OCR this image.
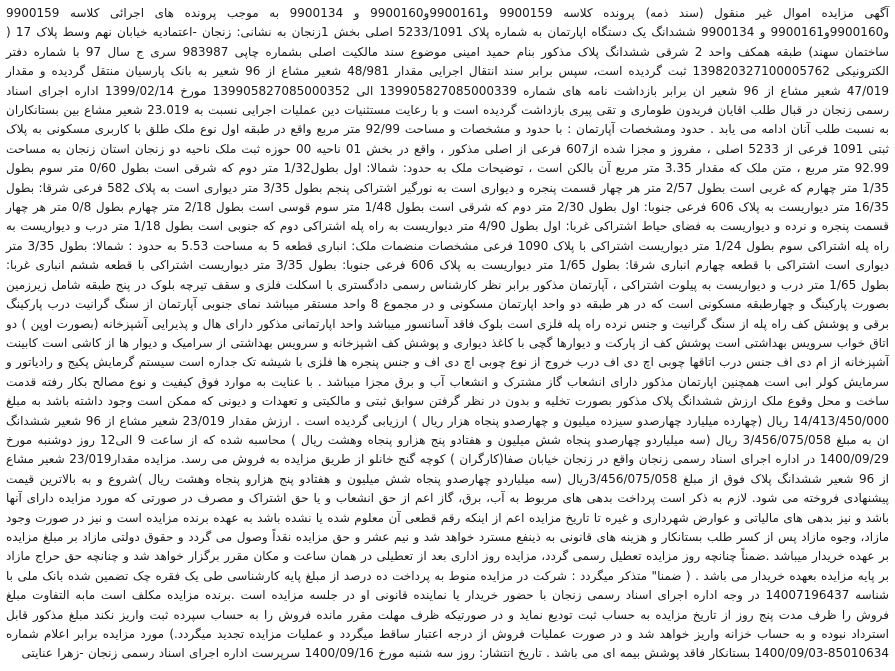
آگهی مزایده اموال غیر منقول (سند ذمه) پرونده کلاسه 9900159 و9900161و9900160 و 9900134 به موجب پرونده های اجرائی کلاسه 9900159 و9900160و9900161 و 9900134 ششدانگ یک دستگاه اپارتمان به شماره پلاک 5233/1091 اصلی بخش 1زنجان به نشانی: زنجان -اعتمادیه خیابان نهم وسط پلاک 17 ( ساختمان سهند) طبقه همکف واحد 2 شرقی ششدانگ پلاک مذکور بنام حمید امینی موضوع سند مالکیت اصلی بشماره چاپی 983987 سری ج سال 97 با شماره دفتر الکترونیکی 139820327100005762 ثبت گردیده است، سپس برابر سند انتقال اجرایی مقدار 48/981 شعیر مشاع از 96 شعیر به بانک پارسیان منتقل گردیده و مقدار 47/019 شعیر مشاع از 96 شعیر ان برابر بازداشت نامه های شماره 139905827085000339 الی 139905827085000352 مورخ 1399/02/14 اداره اجرای اسناد رسمی زنجان در قبال طلب اقایان فریدون طوماری و تقی پیری بازداشت گردیده است و با رعایت مستثنیات دین عملیات اجرایی نسبت به 23.019 شعیر مشاع بین بستانکاران به نسبت طلب آنان ادامه می یابد . حدود ومشخصات آپارتمان : با حدود و مشخصات و مساحت 92/99 متر مربع واقع در طبقه اول نوع ملک طلق با کاربری مسکونی به پلاک ثبتی 1091 فرعی از 5233 اصلی ، مفروز و مجزا شده از607 فرعی از اصلی مذکور ، واقع در بخش 01 ناحیه 00 حوزه ثبت ملک ناحیه دو زنجان استان زنجان به مساحت 92.99 متر مربع ، متن ملک که مقدار 3.35 متر مربع آن بالکن است ، توضیحات ملک به حدود: شمالا: اول بطول1/32 متر دوم که شرقی است بطول 0/60 متر سوم بطول 1/35 متر چهارم که غربی است بطول 2/57 متر هر چهار قسمت پنجره و دیواری است به نورگیر اشتراکی پنجم بطول 3/35 متر دیواری است به پلاک 582 فرعی شرقا: بطول 16/35 متر دیواریست به پلاک 606 فرعی جنوبا: اول بطول 2/30 متر دوم که شرقی است بطول 1/48 متر سوم قوسی است بطول 2/18 متر چهارم بطول 0/8 متر هر چهار قسمت پنجره و نرده و دیواریست به فضای حیاط اشتراکی غربا: اول بطول 4/90 متر دیواریست به راه پله اشتراکی دوم که جنوبی است بطول 1/18 متر درب و دیواریست به راه پله اشتراکی سوم بطول 1/24 متر دیواریست اشتراکی با پلاک 1090 فرعی مشخصات منضمات ملک: انباری قطعه 5 به مساحت 5.53 به حدود : شمالا: بطول 3/35 متر دیواری است اشتراکی با قطعه چهارم انباری شرقا: بطول 1/65 متر دیواریست به پلاک 606 فرعی جنوبا: بطول 3/35 متر دیواریست اشتراکی با قطعه ششم انباری غربا: بطول 1/65 متر درب و دیواریست به پیلوت اشتراکی ، آپارتمان مذکور برابر نظر کارشناس رسمی دادگستری با اسکلت فلزی و سقف تیرچه بلوک در پنج طبقه شامل زیرزمین بصورت پارکینگ و چهارطبقه مسکونی است که در هر طبقه دو واحد اپارتمان مسکونی و در مجموع 8 واحد مستقر میباشد نمای جنوبی آپارتمان از سنگ گرانیت درب پارکینگ برقی و پوشش کف راه پله از سنگ گرانیت و جنس نرده راه پله فلزی است بلوک فاقد آسانسور میباشد واحد اپارتمانی مذکور دارای هال و پذیرایی آشپزخانه (بصورت اوپن ) دو اتاق خواب سرویس بهداشتی است پوشش کف از پارکت و دیوارها گچی با کاغذ دیواری و پوشش کف اشپزخانه و سرویس بهداشتی از سرامیک و دیوار ها از کاشی است کابینت آشپزخانه از ام دی اف جنس درب اتاقها چوبی اچ دی اف درب خروج از نوع چوبی اچ دی اف و جنس پنجره ها فلزی با شیشه تک جداره است سیستم گرمایش پکیج و رادیاتور و سرمایش کولر ابی است همچنین اپارتمان مذکور دارای انشعاب گاز مشترک و انشعاب آب و برق مجزا میباشد . با عنایت به موارد فوق کیفیت و نوع مصالح بکار رفته قدمت ساخت و محل وقوع ملک ارزش ششدانگ پلاک مذکور بصورت تخلیه و بدون در نظر گرفتن سوابق ثبتی و مالکیتی و تعهدات و دیونی که ممکن است وجود داشته باشد به مبلغ 14/413/450/000 ریال (چهارده میلیارد چهارصدو سیزده میلیون و چهارصدو پنجاه هزار ریال ) ارزیابی گردیده است . ارزش مقدار 23/019 شعیر مشاع از 96 شعیر ششدانگ ان به مبلغ 3/456/075/058 ریال (سه میلیاردو چهارصدو پنجاه شش میلیون و هفتادو پنج هزارو پنجاه وهشت ریال ) محاسبه شده که از ساعت 9 الی12 روز دوشنبه مورخ 1400/09/29 در اداره اجرای اسناد رسمی زنجان واقع در زنجان خیابان صفا(کارگران ) کوچه گنج خانلو از طریق مزایده به فروش می رسد. مزایده مقدار23/019 شعیر مشاع از 96 شعیر ششدانگ پلاک فوق از مبلغ 3/456/075/058ریال (سه میلیاردو چهارصدو پنجاه شش میلیون و هفتادو پنج هزارو پنجاه وهشت ریال )شروع و به بالاترین قیمت پیشنهادی فروخته می شود. لازم به ذکر است پرداخت بدهی های مربوط به آب، برق، گاز اعم از حق انشعاب و یا حق اشتراک و مصرف در صورتی که مورد مزایده دارای آنها باشد و نیز بدهی های مالیاتی و عوارض شهرداری و غیره تا تاریخ مزایده اعم از اینکه رقم قطعی آن معلوم شده یا نشده باشد به عهده برنده مزایده است و نیز در صورت وجود مازاد، وجوه مازاد پس از کسر طلب بستانکار و هزینه های قانونی به ذینفع مسترد خواهد شد و نیم عشر و حق مزایده نقداً وصول می گردد و حقوق دولتی مازاد بر مبلغ مزایده بر عهده خریدار میباشد .ضمناً چنانچه روز مزایده تعطیل رسمی گردد، مزایده روز اداری بعد از تعطیلی در همان ساعت و مکان مقرر برگزار خواهد شد و چنانچه حق حراج مازاد بر پایه مزایده بعهده خریدار می باشد . ( ضمنا" متذکر میگردد : شرکت در مزایده منوط به پرداخت ده درصد از مبلغ پایه کارشناسی طی یک فقره چک تضمین شده بانک ملی با شناسه 14007196437 در وجه اداره اجرای اسناد رسمی زنجان با حضور خریدار یا نماینده قانونی او در جلسه مزایده است .برنده مزایده مکلف است مابه التفاوت مبلغ فروش را ظرف مدت پنج روز از تاریخ مزایده به حساب ثبت تودیع نماید و در صورتیکه ظرف مهلت مقرر مانده فروش را به حساب سپرده ثبت واریز نکند مبلغ مذکور قابل استرداد نبوده و به حساب خزانه واریز خواهد شد و در صورت عملیات فروش از درجه اعتبار ساقط میگردد و عملیات مزایده تجدید میگردد.) مورد مزایده برابر اعلام شماره 85010634-1400/09/03 بستانکار فاقد پوشش بیمه ای می باشد . تاریخ انتشار: روز سه شنبه مورخ 1400/09/16 سرپرست اداره اجرای اسناد رسمی زنجان -زهرا عنایتی
